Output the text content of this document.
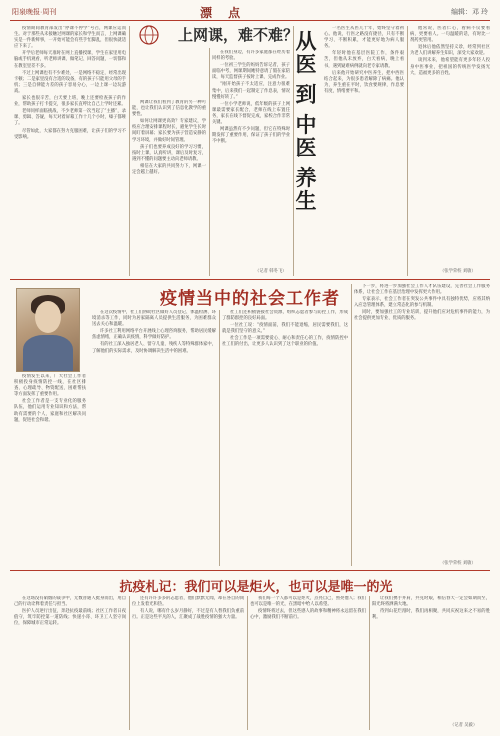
阳泉晚报·周刊	漂 点	编辑：邓 玲
上网课，难不难？

疫情期间教育部发出“停课不停学”号召，网课应运而生。对于那些从未接触过网课的家长和学生而言，上网课确实是一件新鲜事，一开始可能会有些手忙脚乱，但很快就适应下来了。

开学后老师每天准时在网上直播授课，学生在家里用电脑或手机观看，听老师讲课、做笔记、回答问题，一切都和在教室里差不多。

不过上网课也有不少难处，一是网络不稳定，经常出现卡顿；二是家里没有合适的设备，有的孩子只能用父母的手机；三是自律能力差的孩子容易分心，一边上课一边玩游戏。

家长也很辛苦，白天要上班，晚上还要检查孩子的作业，帮助孩子打卡提交，很多家长直呼比自己上学时还累。

老师同样面临挑战，不少老师第一次当起了“主播”，录课、剪辑、答疑，每天对着屏幕工作十几个小时，嗓子都哑了。

尽管如此，大家都在努力克服困难，让孩子们的学习不受影响。

网课让我们看到了教育的另一种可能，也让我们认识到了信息化教学的重要性。

如何让网课更高效？专家建议，学校应合理安排课程时长，避免学生长时间盯着屏幕；家长要为孩子营造安静的学习环境，并做好时间管理。

孩子们也要养成良好的学习习惯，按时上课，认真听讲，课后及时复习，遇到不懂的问题要主动向老师请教。

相信在大家的共同努力下，网课一定会越上越好。

在我们身边，有许多家庭都在经历着同样的考验。

一位初三学生的妈妈告诉记者，孩子面临中考，网课期间她特意请了假在家陪读，每天监督孩子按时上课、完成作业。

“刚开始孩子不太适应，注意力很难集中，后来我们一起制定了作息表，情况慢慢好转了。”

一位小学老师说，低年级的孩子上网课最需要家长配合，老师在线上布置任务，家长在线下督促完成，家校合作非常关键。

网课虽然有不少问题，但它在特殊时期发挥了重要作用，保证了孩子们的学业不中断。

（记者 韩冬飞）
从医 到 中医 养生

一名医生从医几十年，始终坚守着初心。他说，行医之路没有捷径，只有不断学习、不断积累，才能更好地为病人服务。

年轻时他在基层医院工作，条件艰苦，但他从未放弃，白天看病，晚上看书，遇到疑难病例就向老专家请教。

后来他开始研究中医养生，把中西医结合起来，为很多患者解除了病痛。他认为，养生重在平时，饮食要规律，作息要有度，情绪要平和。

他常说，医者仁心，看病不仅要看病，更要看人。一句温暖的话，有时比一剂药更管用。

退休后他依然坚持义诊，经常到社区为老人们讲解养生知识，深受大家欢迎。

谈到未来，他希望能有更多年轻人投身中医事业，把祖国的传统医学发扬光大，造福更多的百姓。

（张学荣校 刘敏）
疫情当中的社会工作者

疫情发生以来，广大社会工作者积极投身疫情防控一线，在社区排查、心理疏导、物资配送、困难帮扶等方面发挥了重要作用。

社会工作者是一支专业化的服务队伍，他们运用专业知识和方法，帮助有需要的个人、家庭和社区解决问题，促进社会和谐。

在这次疫情中，社工们协助社区做好人员登记、体温检测、环境消杀等工作，同时为居家隔离人员提供生活服务，为困难群众送去关心和温暖。

许多社工利用网络平台开展线上心理咨询服务，帮助居民缓解焦虑情绪，正确认识疫情，科学做好防护。

有的社工深入独居老人、留守儿童、残疾人等特殊群体家中，了解他们的实际需求，及时协调解决生活中的困难。

社工们还积极链接社会资源，组织志愿者参与防控工作，形成了群防群控的良好局面。

一位社工说：“疫情面前，我们不能退缩，居民需要我们，这就是我们坚守的意义。”

社会工作是一项需要爱心、耐心和责任心的工作，疫情防控中社工们的付出，让更多人认识到了这个职业的价值。

下一步，将进一步加强社会工作人才队伍建设，完善社会工作服务体系，让社会工作在基层治理中发挥更大作用。

专家表示，社会工作者在突发公共事件中具有独特优势，应将其纳入应急管理体系，建立常态化的参与机制。

同时，要加强社工的专业培训，提升他们应对危机事件的能力，为社会提供更加专业、优质的服务。

（张学荣校 刘敏）
抗疫札记：我们可以是炬火，也可以是唯一的光

在这场没有硝烟的战争中，无数普通人挺身而出，用自己的行动诠释着责任与担当。

医护人员逆行出征，奔赴抗疫最前线；社区工作者日夜值守，筑牢防控第一道防线；快递小哥、环卫工人坚守岗位，保障城市正常运转。

还有许许多多的志愿者，他们默默无闻，却在各自的岗位上发着光和热。

有人说，哪有什么岁月静好，不过是有人替我们负重前行。正是这些平凡的人，汇聚成了战胜疫情的强大力量。

我们每一个人都可以是炬火，点亮自己，照亮他人；我们也可以是唯一的光，在黑暗中给人以希望。

疫情终将过去，但这些感人的故事和精神将永远留在我们心中，激励我们不断前行。

让我们携手并肩，共克时艰，相信春天一定会如期而至，阳光终将洒满大地。

待到山花烂漫时，我们再相聚，共同庆祝这来之不易的胜利。

（记者 吴毅）
